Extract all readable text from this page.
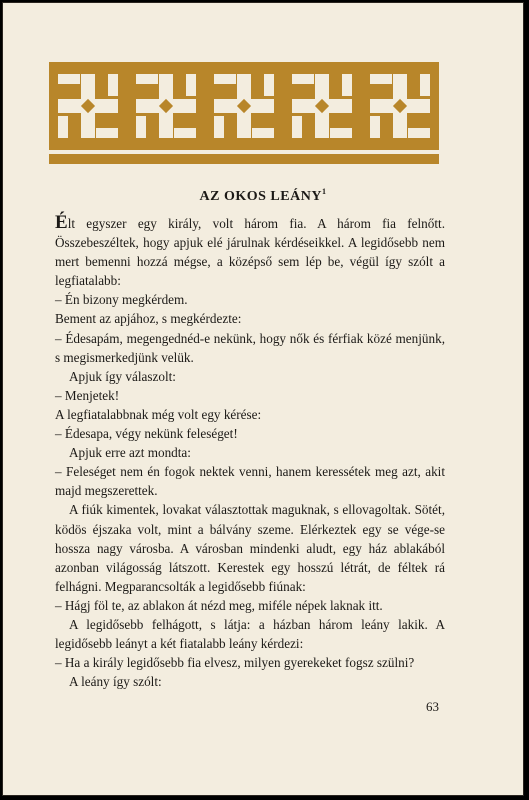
AZ OKOS LEÁNY$^1$

Élt egyszer egy király, volt három fia. A három fia felnőtt. Összebeszéltek, hogy apjuk elé járulnak kérdéseikkel. A legidősebb nem mert bemenni hozzá mégse, a középső sem lép be, végül így szólt a legfiatalabb:

– Én bizony megkérdem.

Bement az apjához, s megkérdezte:

– Édesapám, megengednéd-e nekünk, hogy nők és férfiak közé menjünk, s megismerkedjünk velük.

Apjuk így válaszolt:

– Menjetek!

A legfiatalabbnak még volt egy kérése:

– Édesapa, végy nekünk feleséget!

Apjuk erre azt mondta:

– Feleséget nem én fogok nektek venni, hanem keressétek meg azt, akit majd megszerettek.

A fiúk kimentek, lovakat választottak maguknak, s ellovagoltak. Sötét, ködös éjszaka volt, mint a bálvány szeme. Elérkeztek egy se vége-se hossza nagy városba. A városban mindenki aludt, egy ház ablakából azonban világosság látszott. Kerestek egy hosszú létrát, de féltek rá felhágni. Megparancsolták a legidősebb fiúnak:

– Hágj föl te, az ablakon át nézd meg, miféle népek laknak itt.

A legidősebb felhágott, s látja: a házban három leány lakik. A legidősebb leányt a két fiatalabb leány kérdezi:

– Ha a király legidősebb fia elvesz, milyen gyerekeket fogsz szülni?

A leány így szólt:

63
